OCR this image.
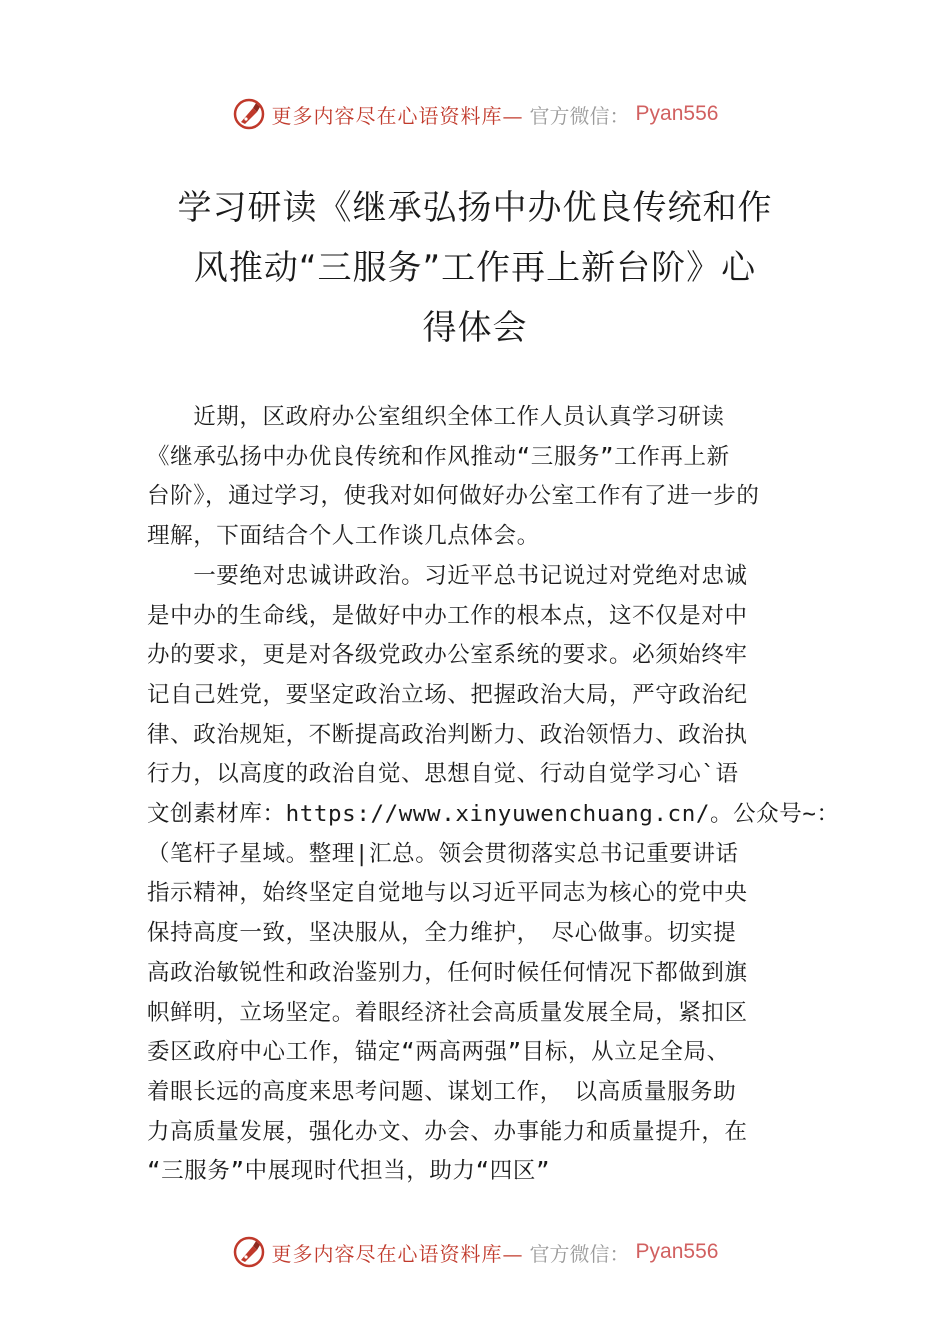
更多内容尽在心语资料库— 官方微信： Pyan556
学习研读《继承弘扬中办优良传统和作
风推动“三服务”工作再上新台阶》心
得体会
　　近期，区政府办公室组织全体工作人员认真学习研读
《继承弘扬中办优良传统和作风推动“三服务”工作再上新
台阶》，通过学习，使我对如何做好办公室工作有了进一步的
理解，下面结合个人工作谈几点体会。
　　一要绝对忠诚讲政治。习近平总书记说过对党绝对忠诚
是中办的生命线，是做好中办工作的根本点，这不仅是对中
办的要求，更是对各级党政办公室系统的要求。必须始终牢
记自己姓党，要坚定政治立场、把握政治大局，严守政治纪
律、政治规矩，不断提高政治判断力、政治领悟力、政治执
行力，以高度的政治自觉、思想自觉、行动自觉学习心`语
文创素材库：https://www.xinyuwenchuang.cn/。公众号~：
（笔杆子星域。整理|汇总。领会贯彻落实总书记重要讲话
指示精神，始终坚定自觉地与以习近平同志为核心的党中央
保持高度一致，坚决服从，全力维护，　尽心做事。切实提
高政治敏锐性和政治鉴别力，任何时候任何情况下都做到旗
帜鲜明，立场坚定。着眼经济社会高质量发展全局，紧扣区
委区政府中心工作，锚定“两高两强”目标，从立足全局、
着眼长远的高度来思考问题、谋划工作，　以高质量服务助
力高质量发展，强化办文、办会、办事能力和质量提升，在
“三服务”中展现时代担当，助力“四区”
更多内容尽在心语资料库— 官方微信： Pyan556
